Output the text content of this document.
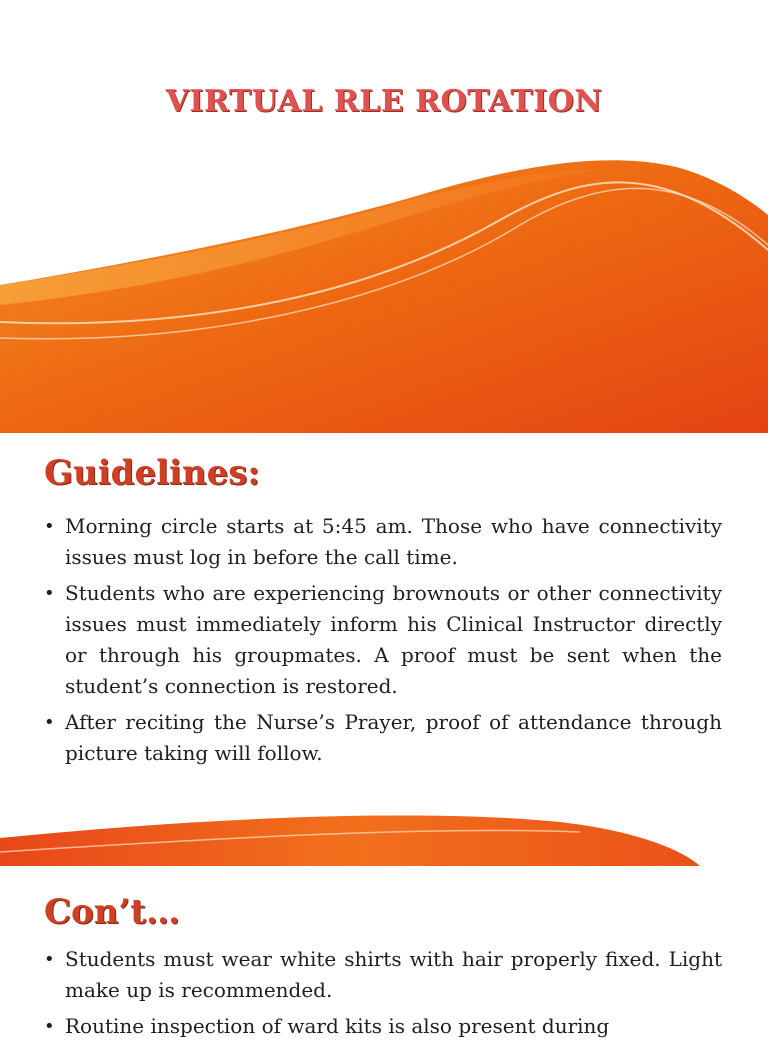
VIRTUAL RLE ROTATION
Guidelines:
• Morning circle starts at 5:45 am. Those who have connectivity issues must log in before the call time.
• Students who are experiencing brownouts or other connectivity issues must immediately inform his Clinical Instructor directly or through his groupmates. A proof must be sent when the student’s connection is restored.
• After reciting the Nurse’s Prayer, proof of attendance through picture taking will follow.
Con’t…
• Students must wear white shirts with hair properly fixed. Light make up is recommended.
• Routine inspection of ward kits is also present during
